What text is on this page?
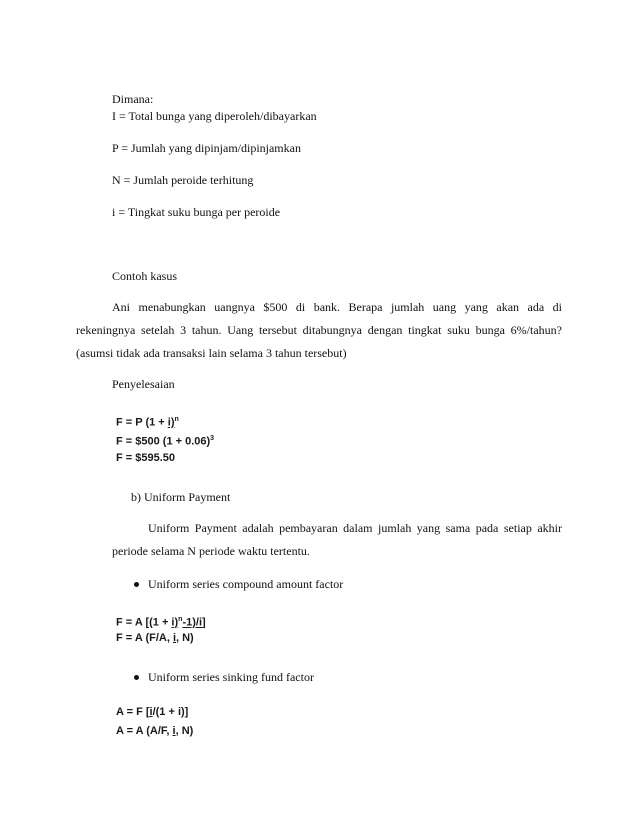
Dimana:
I = Total bunga yang diperoleh/dibayarkan
P = Jumlah yang dipinjam/dipinjamkan
N = Jumlah peroide terhitung
i = Tingkat suku bunga per peroide
Contoh kasus
Ani menabungkan uangnya $500 di bank. Berapa jumlah uang yang akan ada di
rekeningnya setelah 3 tahun. Uang tersebut ditabungnya dengan tingkat suku bunga 6%/tahun?
(asumsi tidak ada transaksi lain selama 3 tahun tersebut)
Penyelesaian
F = P $(1 + i)^n$
F = $500 $(1 + 0.06)^3$
F = $595.50
b) Uniform Payment
Uniform Payment adalah pembayaran dalam jumlah yang sama pada setiap akhir
periode selama N periode waktu tertentu.
Uniform series compound amount factor
F = A $[(1 + i)^n-1)/i$]
F = A (F/A, i, N)
Uniform series sinking fund factor
A = F [i/(1 + i)]
A = A (A/F, i, N)
